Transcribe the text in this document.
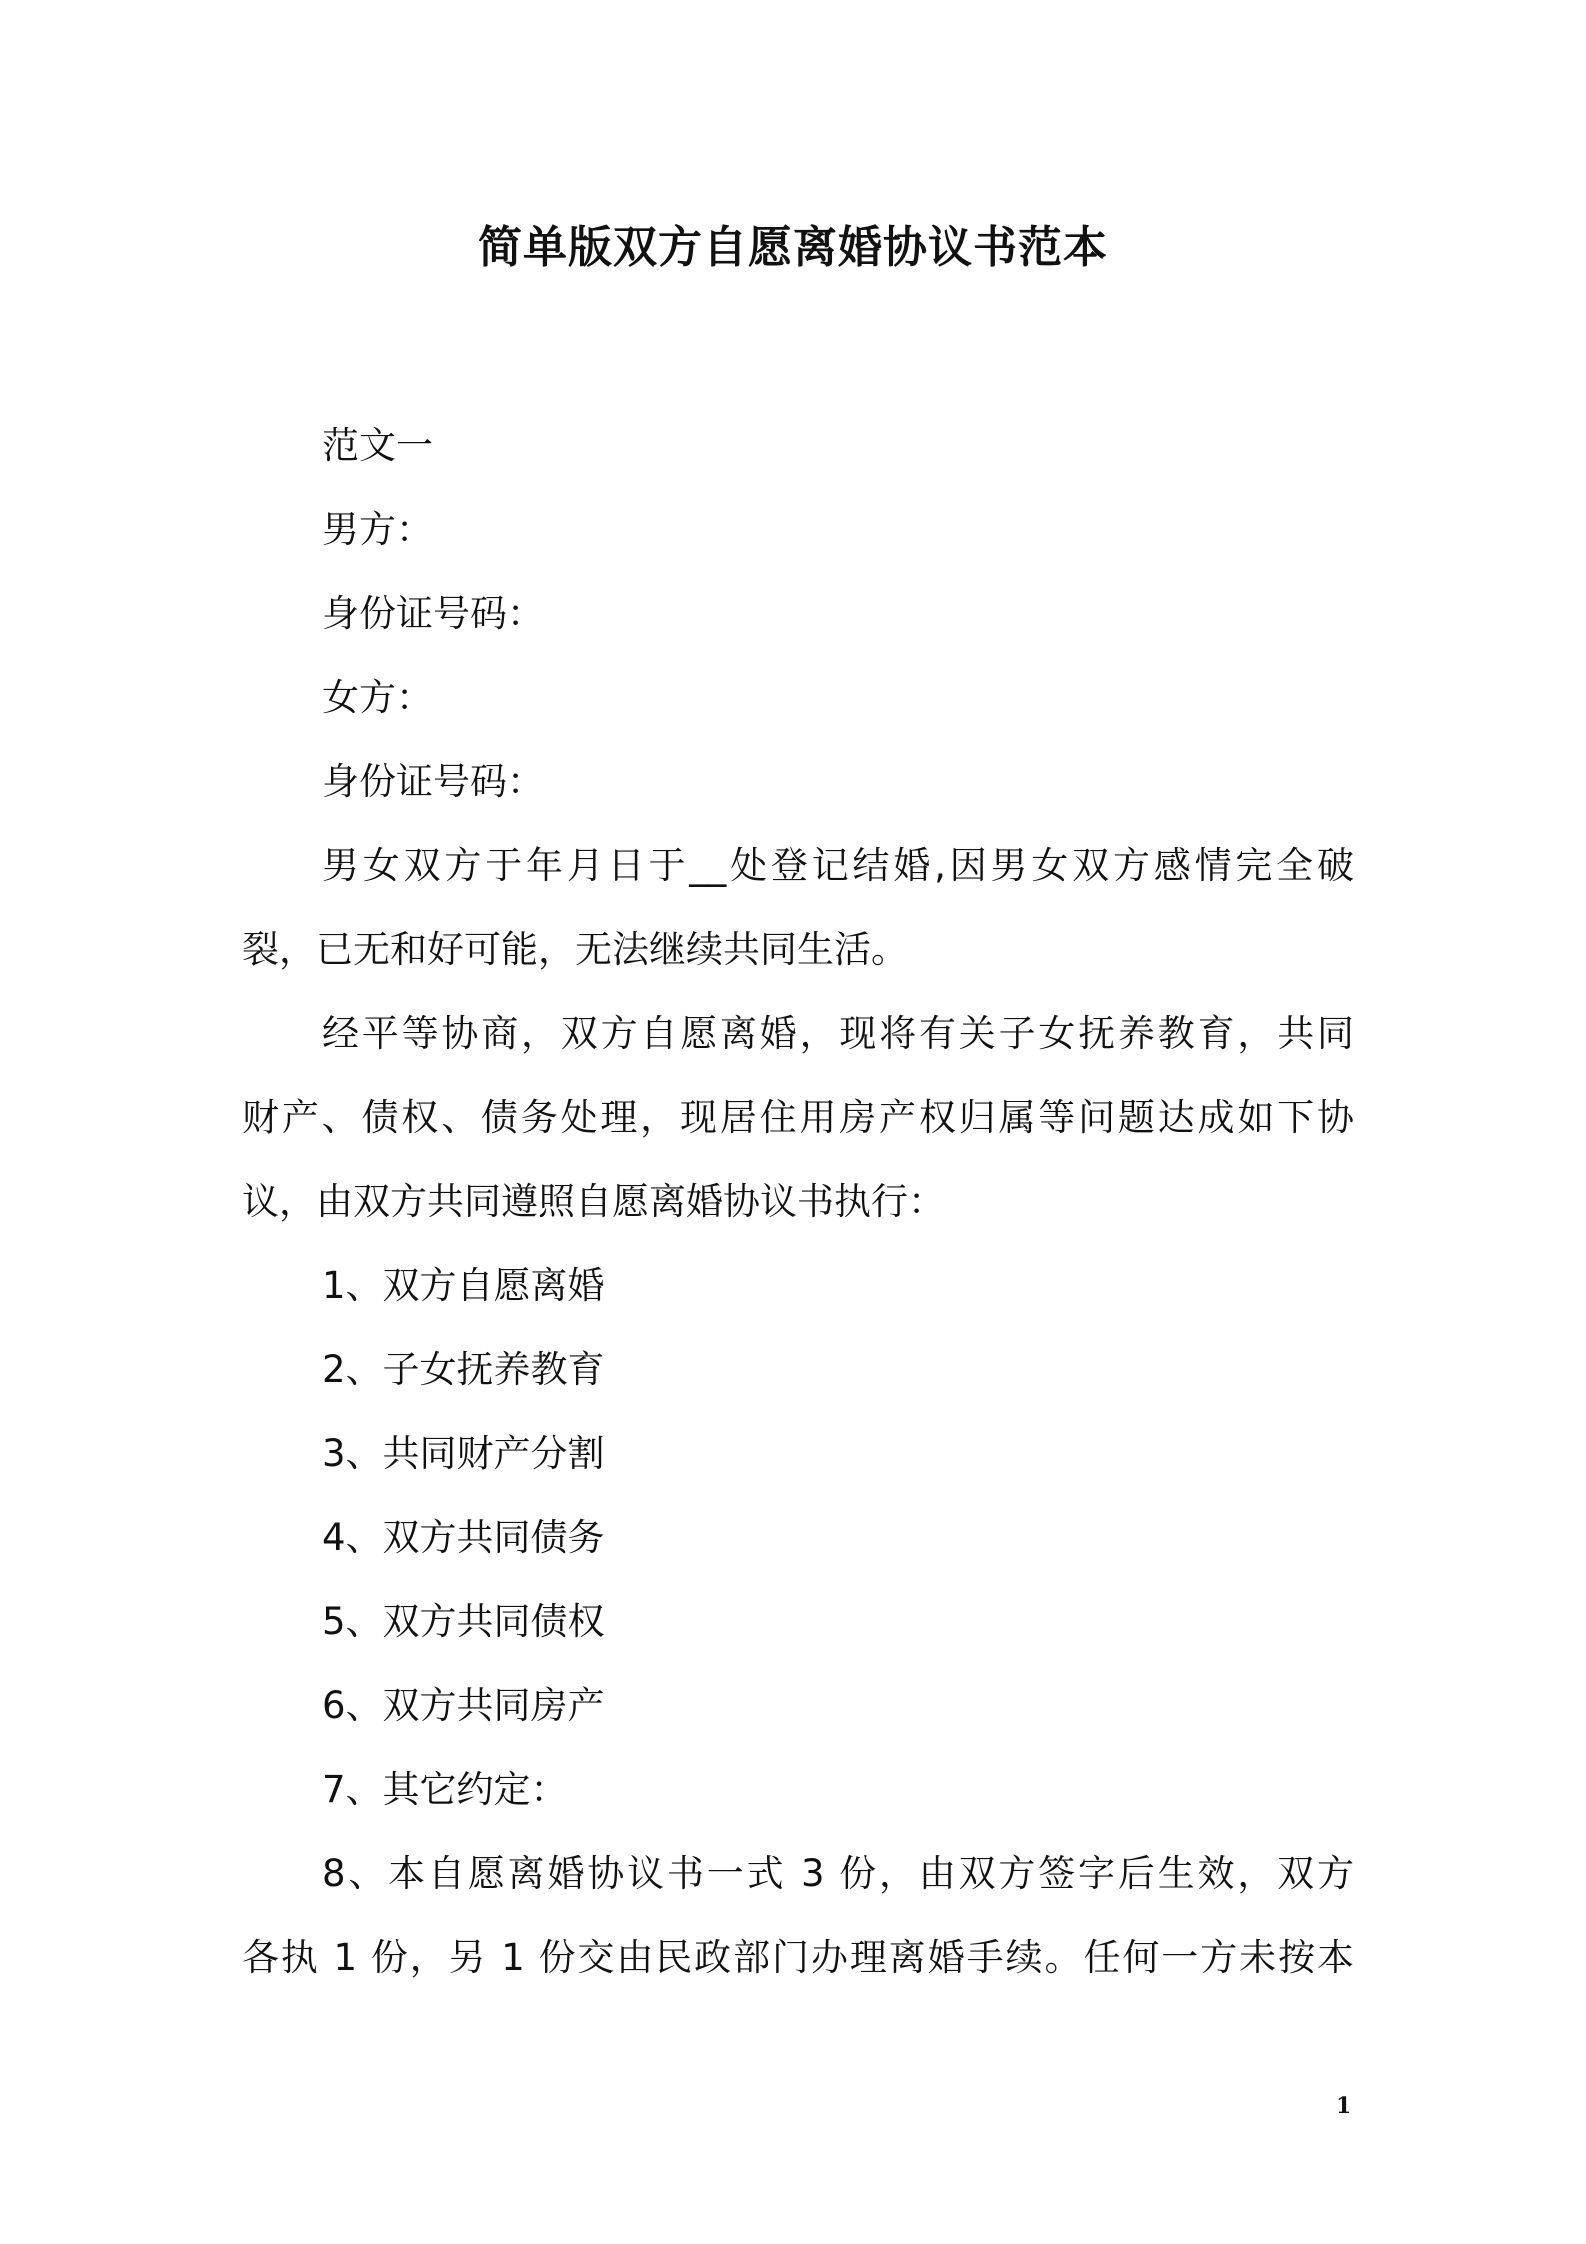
简单版双方自愿离婚协议书范本
范文一
男方：
身份证号码：
女方：
身份证号码：
男女双方于年月日于__处登记结婚,因男女双方感情完全破
裂，已无和好可能，无法继续共同生活。
经平等协商，双方自愿离婚，现将有关子女抚养教育，共同
财产、债权、债务处理，现居住用房产权归属等问题达成如下协
议，由双方共同遵照自愿离婚协议书执行：
1、双方自愿离婚
2、子女抚养教育
3、共同财产分割
4、双方共同债务
5、双方共同债权
6、双方共同房产
7、其它约定：
8、本自愿离婚协议书一式 3 份，由双方签字后生效，双方
各执 1 份，另 1 份交由民政部门办理离婚手续。任何一方未按本
1
